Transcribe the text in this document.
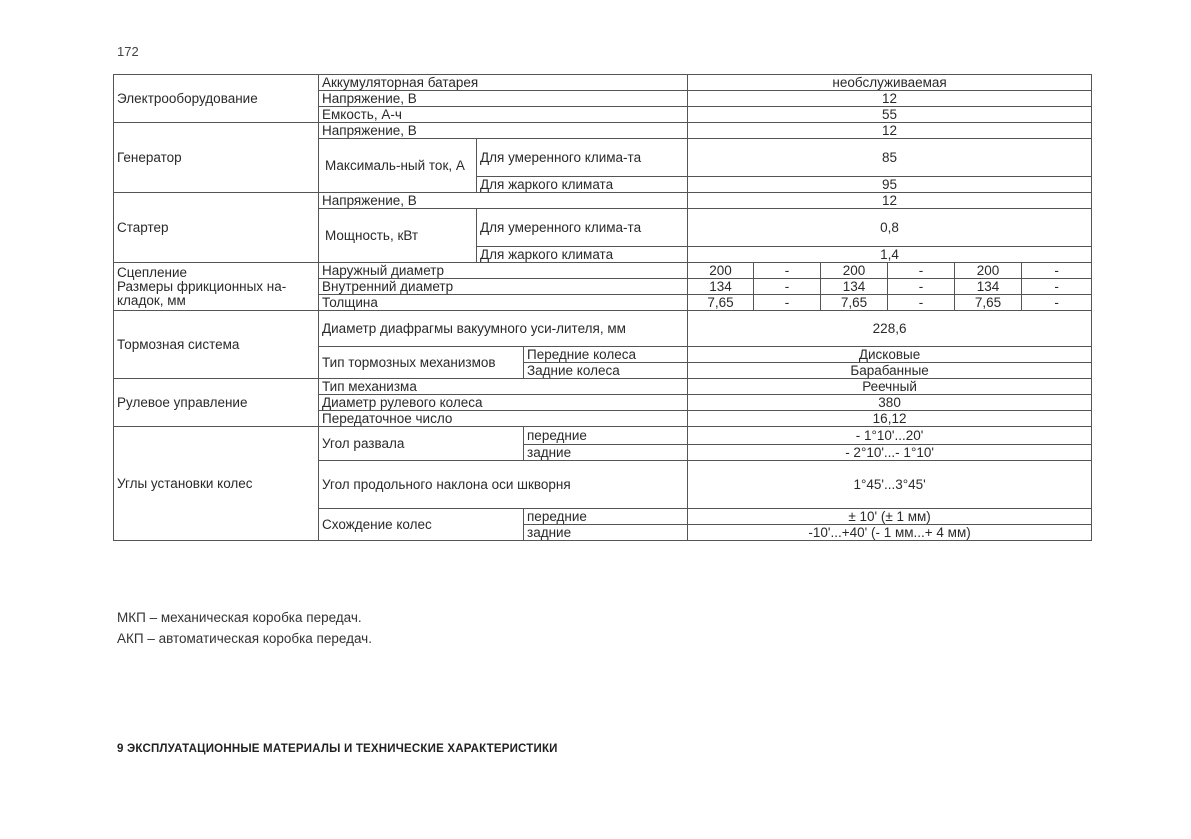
172
Электрооборудование	Аккумуляторная батарея			необслуживаемая					
	Напряжение, В			12					
	Емкость, А-ч			55					
Генератор	Напряжение, В			12					
	Максималь-ный ток, А	Для умеренного клима-та		85					
		Для жаркого климата		95					
Стартер	Напряжение, В			12					
	Мощность, кВт	Для умеренного клима-та		0,8					
		Для жаркого климата		1,4					
Сцепление
Размеры фрикционных на-кладок, мм	Наружный диаметр			200	-	200	-	200	-
	Внутренний диаметр			134	-	134	-	134	-
	Толщина			7,65	-	7,65	-	7,65	-
Тормозная система	Диаметр диафрагмы вакуумного уси-лителя, мм			228,6					
	Тип тормозных механизмов		Передние колеса	Дисковые					
			Задние колеса	Барабанные					
Рулевое управление	Тип механизма			Реечный					
	Диаметр рулевого колеса			380					
	Передаточное число			16,12					
Углы установки колес	Угол развала		передние	- 1°10'...20'					
			задние	- 2°10'...- 1°10'					
	Угол продольного наклона оси шкворня			1°45'...3°45'					
	Схождение колес		передние	± 10' (± 1 мм)					
			задние	-10'...+40' (- 1 мм...+ 4 мм)					
МКП – механическая коробка передач.
АКП – автоматическая коробка передач.
9 ЭКСПЛУАТАЦИОННЫЕ МАТЕРИАЛЫ И ТЕХНИЧЕСКИЕ ХАРАКТЕРИСТИКИ
